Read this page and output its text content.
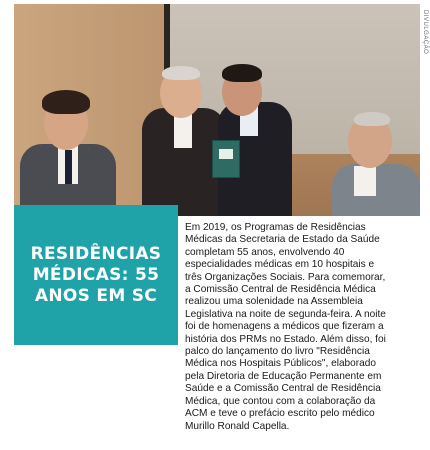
DIVULGAÇÃO
RESIDÊNCIAS
MÉDICAS: 55
ANOS EM SC
Em 2019, os Programas de Residências
Médicas da Secretaria de Estado da Saúde
completam 55 anos, envolvendo 40
especialidades médicas em 10 hospitais e
três Organizações Sociais. Para comemorar,
a Comissão Central de Residência Médica
realizou uma solenidade na Assembleia
Legislativa na noite de segunda-feira. A noite
foi de homenagens a médicos que fizeram a
história dos PRMs no Estado. Além disso, foi
palco do lançamento do livro "Residência
Médica nos Hospitais Públicos", elaborado
pela Diretoria de Educação Permanente em
Saúde e a Comissão Central de Residência
Médica, que contou com a colaboração da
ACM e teve o prefácio escrito pelo médico
Murillo Ronald Capella.
